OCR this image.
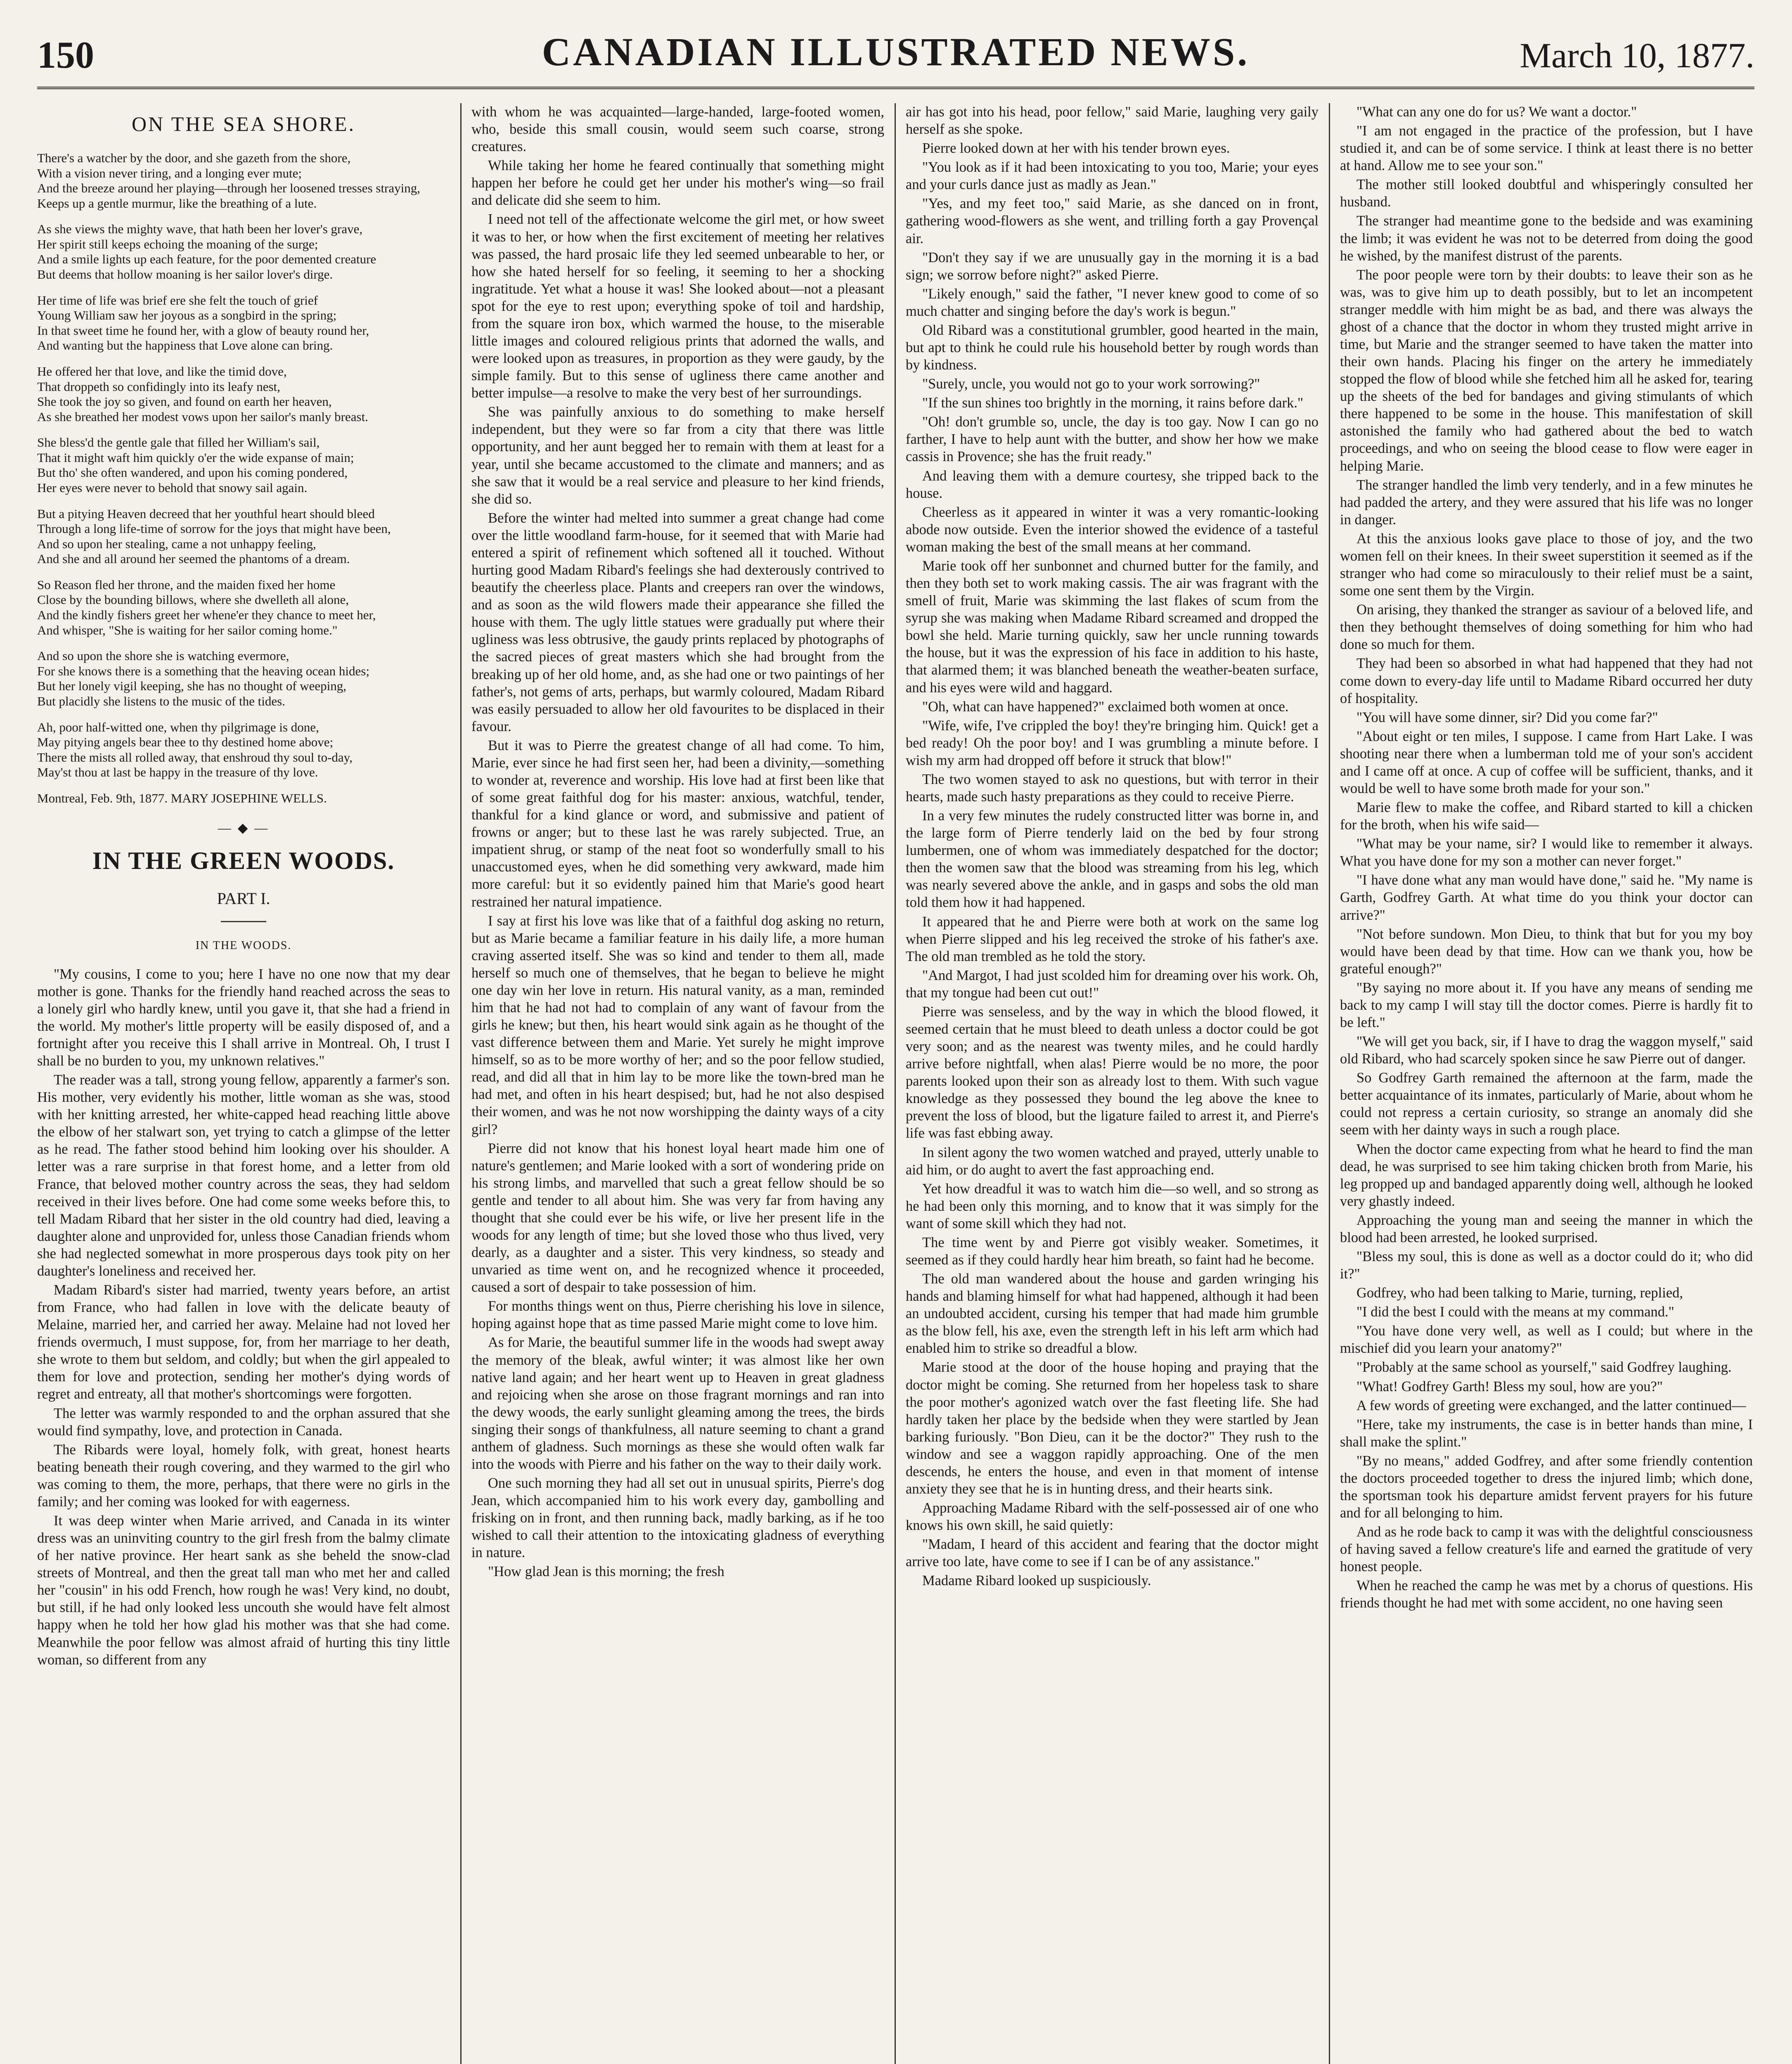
150	CANADIAN ILLUSTRATED NEWS.	March 10, 1877.
ON THE SEA SHORE.

There's a watcher by the door, and she gazeth from the shore,

With a vision never tiring, and a longing ever mute;

And the breeze around her playing—through her loosened tresses straying,

Keeps up a gentle murmur, like the breathing of a lute.

As she views the mighty wave, that hath been her lover's grave,

Her spirit still keeps echoing the moaning of the surge;

And a smile lights up each feature, for the poor demented creature

But deems that hollow moaning is her sailor lover's dirge.

Her time of life was brief ere she felt the touch of grief

Young William saw her joyous as a songbird in the spring;

In that sweet time he found her, with a glow of beauty round her,

And wanting but the happiness that Love alone can bring.

He offered her that love, and like the timid dove,

That droppeth so confidingly into its leafy nest,

She took the joy so given, and found on earth her heaven,

As she breathed her modest vows upon her sailor's manly breast.

She bless'd the gentle gale that filled her William's sail,

That it might waft him quickly o'er the wide expanse of main;

But tho' she often wandered, and upon his coming pondered,

Her eyes were never to behold that snowy sail again.

But a pitying Heaven decreed that her youthful heart should bleed

Through a long life-time of sorrow for the joys that might have been,

And so upon her stealing, came a not unhappy feeling,

And she and all around her seemed the phantoms of a dream.

So Reason fled her throne, and the maiden fixed her home

Close by the bounding billows, where she dwelleth all alone,

And the kindly fishers greet her whene'er they chance to meet her,

And whisper, "She is waiting for her sailor coming home."

And so upon the shore she is watching evermore,

For she knows there is a something that the heaving ocean hides;

But her lonely vigil keeping, she has no thought of weeping,

But placidly she listens to the music of the tides.

Ah, poor half-witted one, when thy pilgrimage is done,

May pitying angels bear thee to thy destined home above;

There the mists all rolled away, that enshroud thy soul to-day,

May'st thou at last be happy in the treasure of thy love.

Montreal, Feb. 9th, 1877. MARY JOSEPHINE WELLS.
— ◆ —
IN THE GREEN WOODS.
PART I.
IN THE WOODS.

"My cousins, I come to you; here I have no one now that my dear mother is gone. Thanks for the friendly hand reached across the seas to a lonely girl who hardly knew, until you gave it, that she had a friend in the world. My mother's little property will be easily disposed of, and a fortnight after you receive this I shall arrive in Montreal. Oh, I trust I shall be no burden to you, my unknown relatives."

The reader was a tall, strong young fellow, apparently a farmer's son. His mother, very evidently his mother, little woman as she was, stood with her knitting arrested, her white-capped head reaching little above the elbow of her stalwart son, yet trying to catch a glimpse of the letter as he read. The father stood behind him looking over his shoulder. A letter was a rare surprise in that forest home, and a letter from old France, that beloved mother country across the seas, they had seldom received in their lives before. One had come some weeks before this, to tell Madam Ribard that her sister in the old country had died, leaving a daughter alone and unprovided for, unless those Canadian friends whom she had neglected somewhat in more prosperous days took pity on her daughter's loneliness and received her.

Madam Ribard's sister had married, twenty years before, an artist from France, who had fallen in love with the delicate beauty of Melaine, married her, and carried her away. Melaine had not loved her friends overmuch, I must suppose, for, from her marriage to her death, she wrote to them but seldom, and coldly; but when the girl appealed to them for love and protection, sending her mother's dying words of regret and entreaty, all that mother's shortcomings were forgotten.

The letter was warmly responded to and the orphan assured that she would find sympathy, love, and protection in Canada.

The Ribards were loyal, homely folk, with great, honest hearts beating beneath their rough covering, and they warmed to the girl who was coming to them, the more, perhaps, that there were no girls in the family; and her coming was looked for with eagerness.

It was deep winter when Marie arrived, and Canada in its winter dress was an uninviting country to the girl fresh from the balmy climate of her native province. Her heart sank as she beheld the snow-clad streets of Montreal, and then the great tall man who met her and called her "cousin" in his odd French, how rough he was! Very kind, no doubt, but still, if he had only looked less uncouth she would have felt almost happy when he told her how glad his mother was that she had come. Meanwhile the poor fellow was almost afraid of hurting this tiny little woman, so different from any

with whom he was acquainted—large-handed, large-footed women, who, beside this small cousin, would seem such coarse, strong creatures.

While taking her home he feared continually that something might happen her before he could get her under his mother's wing—so frail and delicate did she seem to him.

I need not tell of the affectionate welcome the girl met, or how sweet it was to her, or how when the first excitement of meeting her relatives was passed, the hard prosaic life they led seemed unbearable to her, or how she hated herself for so feeling, it seeming to her a shocking ingratitude. Yet what a house it was! She looked about—not a pleasant spot for the eye to rest upon; everything spoke of toil and hardship, from the square iron box, which warmed the house, to the miserable little images and coloured religious prints that adorned the walls, and were looked upon as treasures, in proportion as they were gaudy, by the simple family. But to this sense of ugliness there came another and better impulse—a resolve to make the very best of her surroundings.

She was painfully anxious to do something to make herself independent, but they were so far from a city that there was little opportunity, and her aunt begged her to remain with them at least for a year, until she became accustomed to the climate and manners; and as she saw that it would be a real service and pleasure to her kind friends, she did so.

Before the winter had melted into summer a great change had come over the little woodland farm-house, for it seemed that with Marie had entered a spirit of refinement which softened all it touched. Without hurting good Madam Ribard's feelings she had dexterously contrived to beautify the cheerless place. Plants and creepers ran over the windows, and as soon as the wild flowers made their appearance she filled the house with them. The ugly little statues were gradually put where their ugliness was less obtrusive, the gaudy prints replaced by photographs of the sacred pieces of great masters which she had brought from the breaking up of her old home, and, as she had one or two paintings of her father's, not gems of arts, perhaps, but warmly coloured, Madam Ribard was easily persuaded to allow her old favourites to be displaced in their favour.

But it was to Pierre the greatest change of all had come. To him, Marie, ever since he had first seen her, had been a divinity,—something to wonder at, reverence and worship. His love had at first been like that of some great faithful dog for his master: anxious, watchful, tender, thankful for a kind glance or word, and submissive and patient of frowns or anger; but to these last he was rarely subjected. True, an impatient shrug, or stamp of the neat foot so wonderfully small to his unaccustomed eyes, when he did something very awkward, made him more careful: but it so evidently pained him that Marie's good heart restrained her natural impatience.

I say at first his love was like that of a faithful dog asking no return, but as Marie became a familiar feature in his daily life, a more human craving asserted itself. She was so kind and tender to them all, made herself so much one of themselves, that he began to believe he might one day win her love in return. His natural vanity, as a man, reminded him that he had not had to complain of any want of favour from the girls he knew; but then, his heart would sink again as he thought of the vast difference between them and Marie. Yet surely he might improve himself, so as to be more worthy of her; and so the poor fellow studied, read, and did all that in him lay to be more like the town-bred man he had met, and often in his heart despised; but, had he not also despised their women, and was he not now worshipping the dainty ways of a city girl?

Pierre did not know that his honest loyal heart made him one of nature's gentlemen; and Marie looked with a sort of wondering pride on his strong limbs, and marvelled that such a great fellow should be so gentle and tender to all about him. She was very far from having any thought that she could ever be his wife, or live her present life in the woods for any length of time; but she loved those who thus lived, very dearly, as a daughter and a sister. This very kindness, so steady and unvaried as time went on, and he recognized whence it proceeded, caused a sort of despair to take possession of him.

For months things went on thus, Pierre cherishing his love in silence, hoping against hope that as time passed Marie might come to love him.

As for Marie, the beautiful summer life in the woods had swept away the memory of the bleak, awful winter; it was almost like her own native land again; and her heart went up to Heaven in great gladness and rejoicing when she arose on those fragrant mornings and ran into the dewy woods, the early sunlight gleaming among the trees, the birds singing their songs of thankfulness, all nature seeming to chant a grand anthem of gladness. Such mornings as these she would often walk far into the woods with Pierre and his father on the way to their daily work.

One such morning they had all set out in unusual spirits, Pierre's dog Jean, which accompanied him to his work every day, gambolling and frisking on in front, and then running back, madly barking, as if he too wished to call their attention to the intoxicating gladness of everything in nature.

"How glad Jean is this morning; the fresh

air has got into his head, poor fellow," said Marie, laughing very gaily herself as she spoke.

Pierre looked down at her with his tender brown eyes.

"You look as if it had been intoxicating to you too, Marie; your eyes and your curls dance just as madly as Jean."

"Yes, and my feet too," said Marie, as she danced on in front, gathering wood-flowers as she went, and trilling forth a gay Provençal air.

"Don't they say if we are unusually gay in the morning it is a bad sign; we sorrow before night?" asked Pierre.

"Likely enough," said the father, "I never knew good to come of so much chatter and singing before the day's work is begun."

Old Ribard was a constitutional grumbler, good hearted in the main, but apt to think he could rule his household better by rough words than by kindness.

"Surely, uncle, you would not go to your work sorrowing?"

"If the sun shines too brightly in the morning, it rains before dark."

"Oh! don't grumble so, uncle, the day is too gay. Now I can go no farther, I have to help aunt with the butter, and show her how we make cassis in Provence; she has the fruit ready."

And leaving them with a demure courtesy, she tripped back to the house.

Cheerless as it appeared in winter it was a very romantic-looking abode now outside. Even the interior showed the evidence of a tasteful woman making the best of the small means at her command.

Marie took off her sunbonnet and churned butter for the family, and then they both set to work making cassis. The air was fragrant with the smell of fruit, Marie was skimming the last flakes of scum from the syrup she was making when Madame Ribard screamed and dropped the bowl she held. Marie turning quickly, saw her uncle running towards the house, but it was the expression of his face in addition to his haste, that alarmed them; it was blanched beneath the weather-beaten surface, and his eyes were wild and haggard.

"Oh, what can have happened?" exclaimed both women at once.

"Wife, wife, I've crippled the boy! they're bringing him. Quick! get a bed ready! Oh the poor boy! and I was grumbling a minute before. I wish my arm had dropped off before it struck that blow!"

The two women stayed to ask no questions, but with terror in their hearts, made such hasty preparations as they could to receive Pierre.

In a very few minutes the rudely constructed litter was borne in, and the large form of Pierre tenderly laid on the bed by four strong lumbermen, one of whom was immediately despatched for the doctor; then the women saw that the blood was streaming from his leg, which was nearly severed above the ankle, and in gasps and sobs the old man told them how it had happened.

It appeared that he and Pierre were both at work on the same log when Pierre slipped and his leg received the stroke of his father's axe. The old man trembled as he told the story.

"And Margot, I had just scolded him for dreaming over his work. Oh, that my tongue had been cut out!"

Pierre was senseless, and by the way in which the blood flowed, it seemed certain that he must bleed to death unless a doctor could be got very soon; and as the nearest was twenty miles, and he could hardly arrive before nightfall, when alas! Pierre would be no more, the poor parents looked upon their son as already lost to them. With such vague knowledge as they possessed they bound the leg above the knee to prevent the loss of blood, but the ligature failed to arrest it, and Pierre's life was fast ebbing away.

In silent agony the two women watched and prayed, utterly unable to aid him, or do aught to avert the fast approaching end.

Yet how dreadful it was to watch him die—so well, and so strong as he had been only this morning, and to know that it was simply for the want of some skill which they had not.

The time went by and Pierre got visibly weaker. Sometimes, it seemed as if they could hardly hear him breath, so faint had he become.

The old man wandered about the house and garden wringing his hands and blaming himself for what had happened, although it had been an undoubted accident, cursing his temper that had made him grumble as the blow fell, his axe, even the strength left in his left arm which had enabled him to strike so dreadful a blow.

Marie stood at the door of the house hoping and praying that the doctor might be coming. She returned from her hopeless task to share the poor mother's agonized watch over the fast fleeting life. She had hardly taken her place by the bedside when they were startled by Jean barking furiously. "Bon Dieu, can it be the doctor?" They rush to the window and see a waggon rapidly approaching. One of the men descends, he enters the house, and even in that moment of intense anxiety they see that he is in hunting dress, and their hearts sink.

Approaching Madame Ribard with the self-possessed air of one who knows his own skill, he said quietly:

"Madam, I heard of this accident and fearing that the doctor might arrive too late, have come to see if I can be of any assistance."

Madame Ribard looked up suspiciously.

"What can any one do for us? We want a doctor."

"I am not engaged in the practice of the profession, but I have studied it, and can be of some service. I think at least there is no better at hand. Allow me to see your son."

The mother still looked doubtful and whisperingly consulted her husband.

The stranger had meantime gone to the bedside and was examining the limb; it was evident he was not to be deterred from doing the good he wished, by the manifest distrust of the parents.

The poor people were torn by their doubts: to leave their son as he was, was to give him up to death possibly, but to let an incompetent stranger meddle with him might be as bad, and there was always the ghost of a chance that the doctor in whom they trusted might arrive in time, but Marie and the stranger seemed to have taken the matter into their own hands. Placing his finger on the artery he immediately stopped the flow of blood while she fetched him all he asked for, tearing up the sheets of the bed for bandages and giving stimulants of which there happened to be some in the house. This manifestation of skill astonished the family who had gathered about the bed to watch proceedings, and who on seeing the blood cease to flow were eager in helping Marie.

The stranger handled the limb very tenderly, and in a few minutes he had padded the artery, and they were assured that his life was no longer in danger.

At this the anxious looks gave place to those of joy, and the two women fell on their knees. In their sweet superstition it seemed as if the stranger who had come so miraculously to their relief must be a saint, some one sent them by the Virgin.

On arising, they thanked the stranger as saviour of a beloved life, and then they bethought themselves of doing something for him who had done so much for them.

They had been so absorbed in what had happened that they had not come down to every-day life until to Madame Ribard occurred her duty of hospitality.

"You will have some dinner, sir? Did you come far?"

"About eight or ten miles, I suppose. I came from Hart Lake. I was shooting near there when a lumberman told me of your son's accident and I came off at once. A cup of coffee will be sufficient, thanks, and it would be well to have some broth made for your son."

Marie flew to make the coffee, and Ribard started to kill a chicken for the broth, when his wife said—

"What may be your name, sir? I would like to remember it always. What you have done for my son a mother can never forget."

"I have done what any man would have done," said he. "My name is Garth, Godfrey Garth. At what time do you think your doctor can arrive?"

"Not before sundown. Mon Dieu, to think that but for you my boy would have been dead by that time. How can we thank you, how be grateful enough?"

"By saying no more about it. If you have any means of sending me back to my camp I will stay till the doctor comes. Pierre is hardly fit to be left."

"We will get you back, sir, if I have to drag the waggon myself," said old Ribard, who had scarcely spoken since he saw Pierre out of danger.

So Godfrey Garth remained the afternoon at the farm, made the better acquaintance of its inmates, particularly of Marie, about whom he could not repress a certain curiosity, so strange an anomaly did she seem with her dainty ways in such a rough place.

When the doctor came expecting from what he heard to find the man dead, he was surprised to see him taking chicken broth from Marie, his leg propped up and bandaged apparently doing well, although he looked very ghastly indeed.

Approaching the young man and seeing the manner in which the blood had been arrested, he looked surprised.

"Bless my soul, this is done as well as a doctor could do it; who did it?"

Godfrey, who had been talking to Marie, turning, replied,

"I did the best I could with the means at my command."

"You have done very well, as well as I could; but where in the mischief did you learn your anatomy?"

"Probably at the same school as yourself," said Godfrey laughing.

"What! Godfrey Garth! Bless my soul, how are you?"

A few words of greeting were exchanged, and the latter continued—

"Here, take my instruments, the case is in better hands than mine, I shall make the splint."

"By no means," added Godfrey, and after some friendly contention the doctors proceeded together to dress the injured limb; which done, the sportsman took his departure amidst fervent prayers for his future and for all belonging to him.

And as he rode back to camp it was with the delightful consciousness of having saved a fellow creature's life and earned the gratitude of very honest people.

When he reached the camp he was met by a chorus of questions. His friends thought he had met with some accident, no one having seen
